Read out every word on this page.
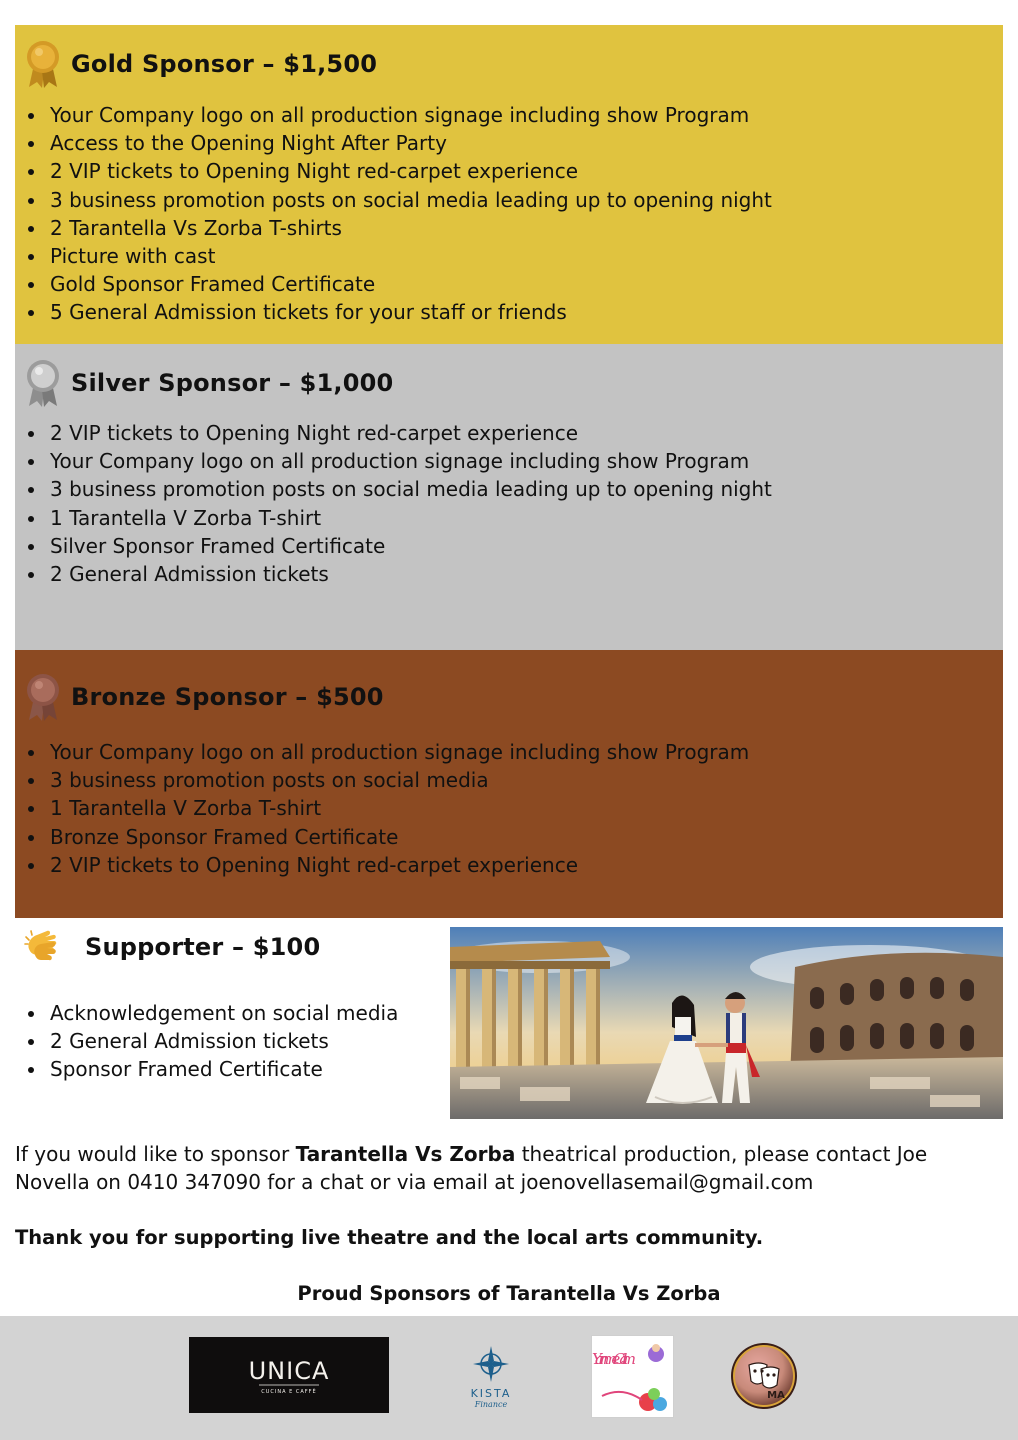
Gold Sponsor – $1,500
Your Company logo on all production signage including show Program
Access to the Opening Night After Party
2 VIP tickets to Opening Night red-carpet experience
3 business promotion posts on social media leading up to opening night
2 Tarantella Vs Zorba T-shirts
Picture with cast
Gold Sponsor Framed Certificate
5 General Admission tickets for your staff or friends
Silver Sponsor – $1,000
2 VIP tickets to Opening Night red-carpet experience
Your Company logo on all production signage including show Program
3 business promotion posts on social media leading up to opening night
1 Tarantella V Zorba T-shirt
Silver Sponsor Framed Certificate
2 General Admission tickets
Bronze Sponsor – $500
Your Company logo on all production signage including show Program
3 business promotion posts on social media
1 Tarantella V Zorba T-shirt
Bronze Sponsor Framed Certificate
2 VIP tickets to Opening Night red-carpet experience
Supporter – $100
Acknowledgement on social media
2 General Admission tickets
Sponsor Framed Certificate

If you would like to sponsor Tarantella Vs Zorba theatrical production, please contact Joe Novella on 0410 347090 for a chat or via email at joenovellasemail@gmail.com

Thank you for supporting live theatre and the local arts community.

Proud Sponsors of Tarantella Vs Zorba

UNICA
CUCINA E CAFFÈ	KISTA
Finance
Yarn me Calm
MA
